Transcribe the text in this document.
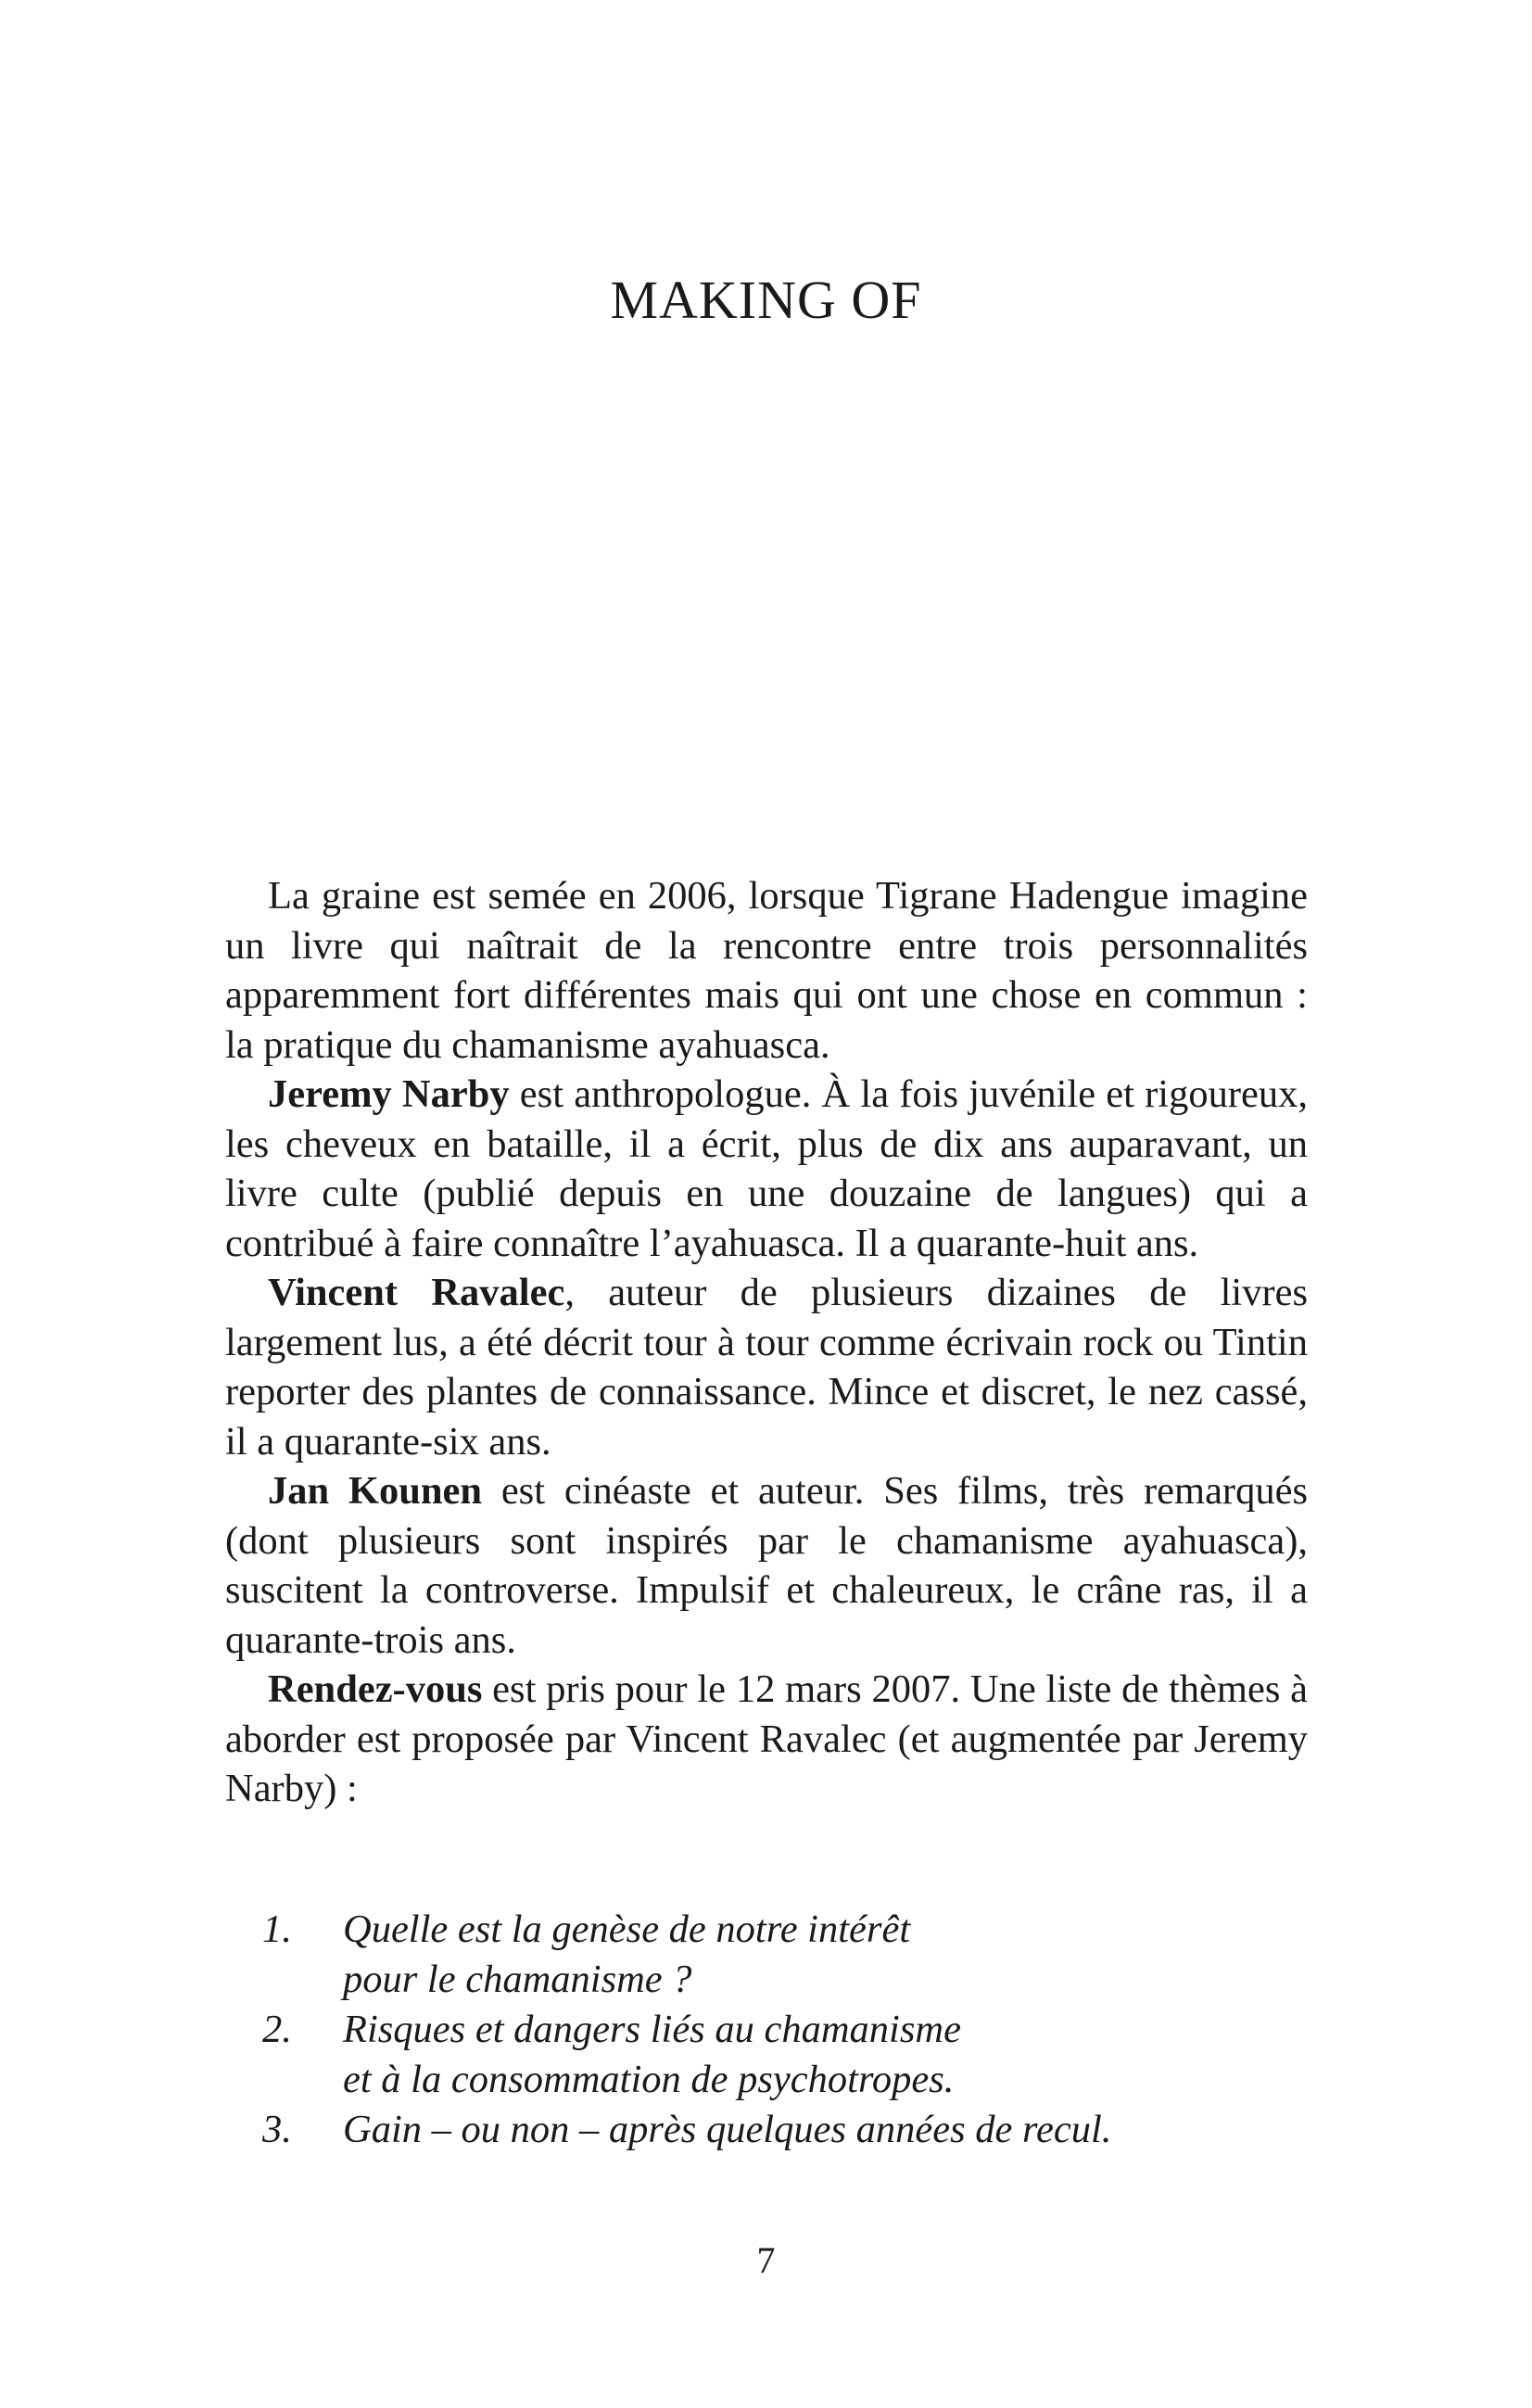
MAKING OF

La graine est semée en 2006, lorsque Tigrane Hadengue imagine un livre qui naîtrait de la rencontre entre trois personnalités apparemment fort différentes mais qui ont une chose en commun : la pratique du chamanisme ayahuasca.

Jeremy Narby est anthropologue. À la fois juvénile et rigoureux, les cheveux en bataille, il a écrit, plus de dix ans auparavant, un livre culte (publié depuis en une douzaine de langues) qui a contribué à faire connaître l’ayahuasca. Il a quarante-huit ans.

Vincent Ravalec, auteur de plusieurs dizaines de livres largement lus, a été décrit tour à tour comme écrivain rock ou Tintin reporter des plantes de connaissance. Mince et discret, le nez cassé, il a quarante-six ans.

Jan Kounen est cinéaste et auteur. Ses films, très remarqués (dont plusieurs sont inspirés par le chamanisme ayahuasca), suscitent la controverse. Impulsif et chaleureux, le crâne ras, il a quarante-trois ans.

Rendez-vous est pris pour le 12 mars 2007. Une liste de thèmes à aborder est proposée par Vincent Ravalec (et augmentée par Jeremy Narby) :

1.	Quelle est la genèse de notre intérêt
pour le chamanisme ?
2.	Risques et dangers liés au chamanisme
et à la consommation de psychotropes.
3.	Gain – ou non – après quelques années de recul.
7
